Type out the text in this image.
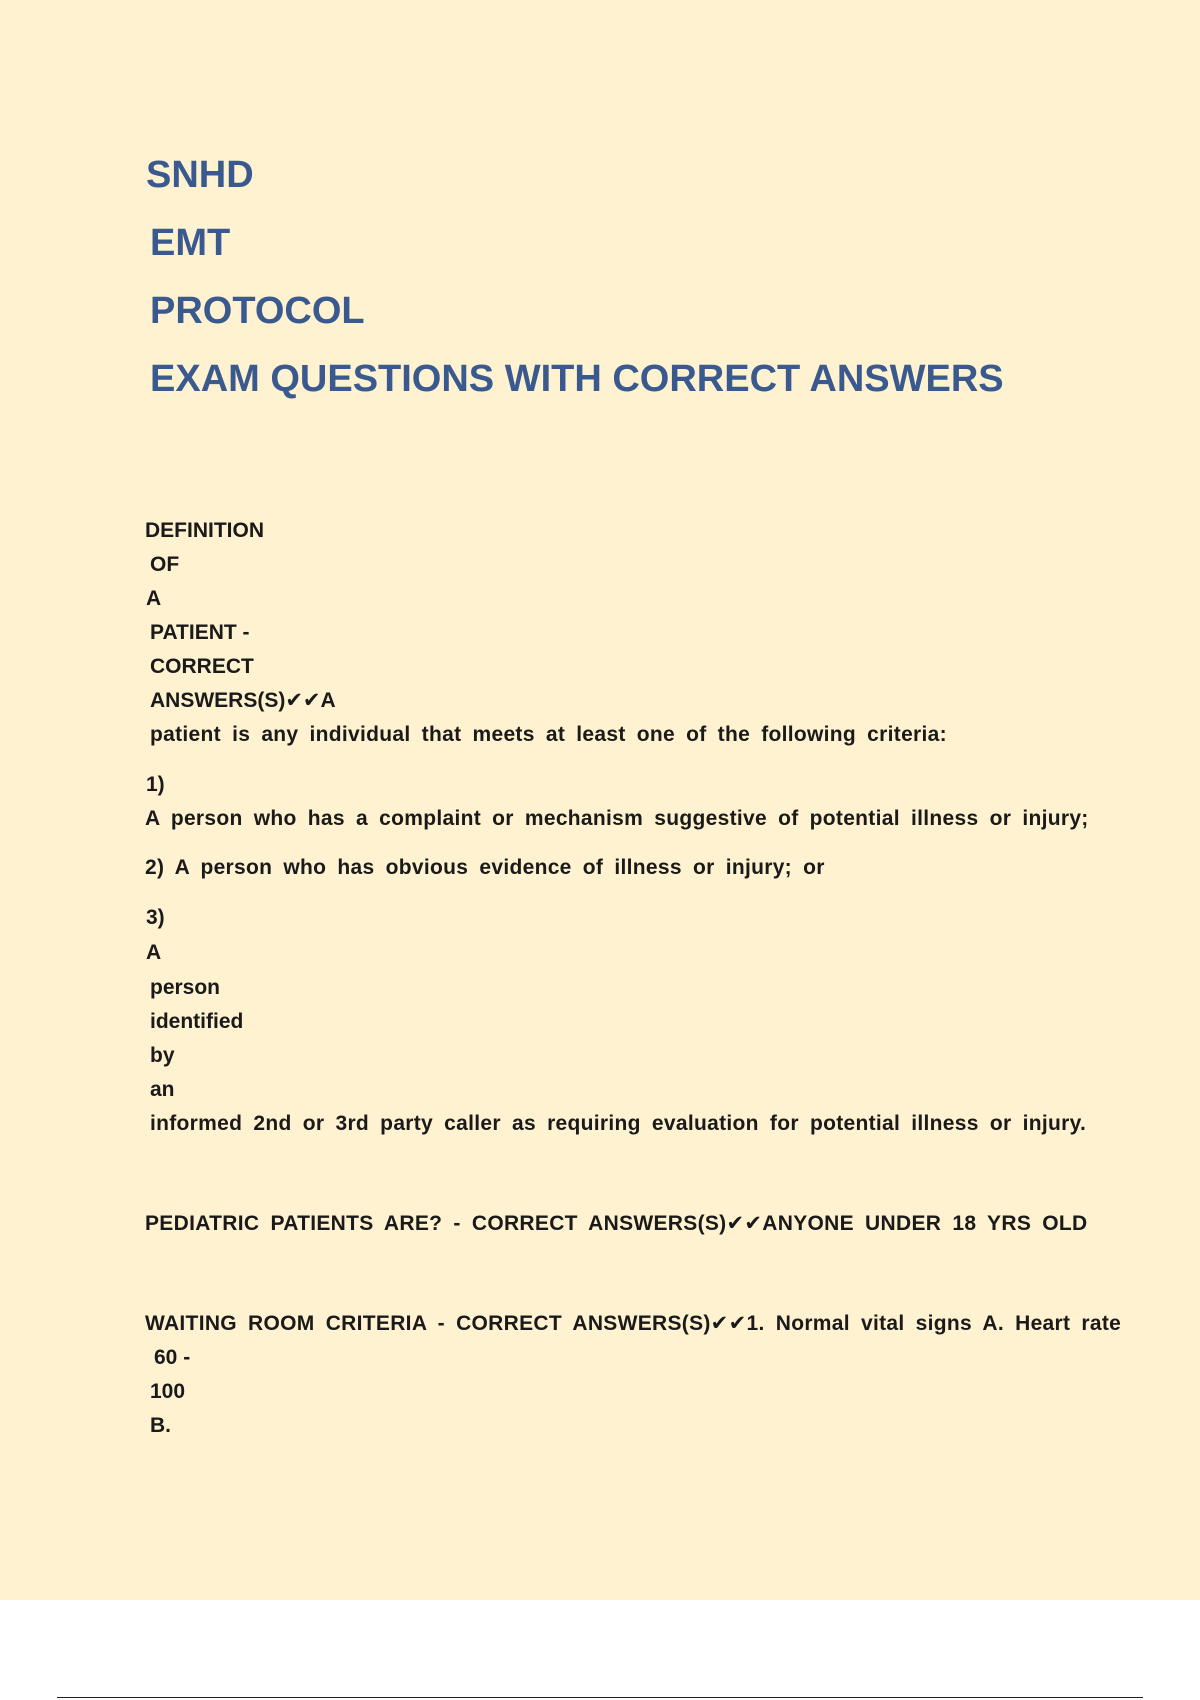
SNHD
EMT
PROTOCOL
EXAM QUESTIONS WITH CORRECT ANSWERS
DEFINITION
OF
A
PATIENT -
CORRECT
ANSWERS(S)✔✔A
patient is any individual that meets at least one of the following criteria:
1)
A person who has a complaint or mechanism suggestive of potential illness or injury;
2) A person who has obvious evidence of illness or injury; or
3)
A
person
identified
by
an
informed 2nd or 3rd party caller as requiring evaluation for potential illness or injury.
PEDIATRIC PATIENTS ARE? - CORRECT ANSWERS(S)✔✔ANYONE UNDER 18 YRS OLD
WAITING ROOM CRITERIA - CORRECT ANSWERS(S)✔✔1. Normal vital signs A. Heart rate
60 -
100
B.
